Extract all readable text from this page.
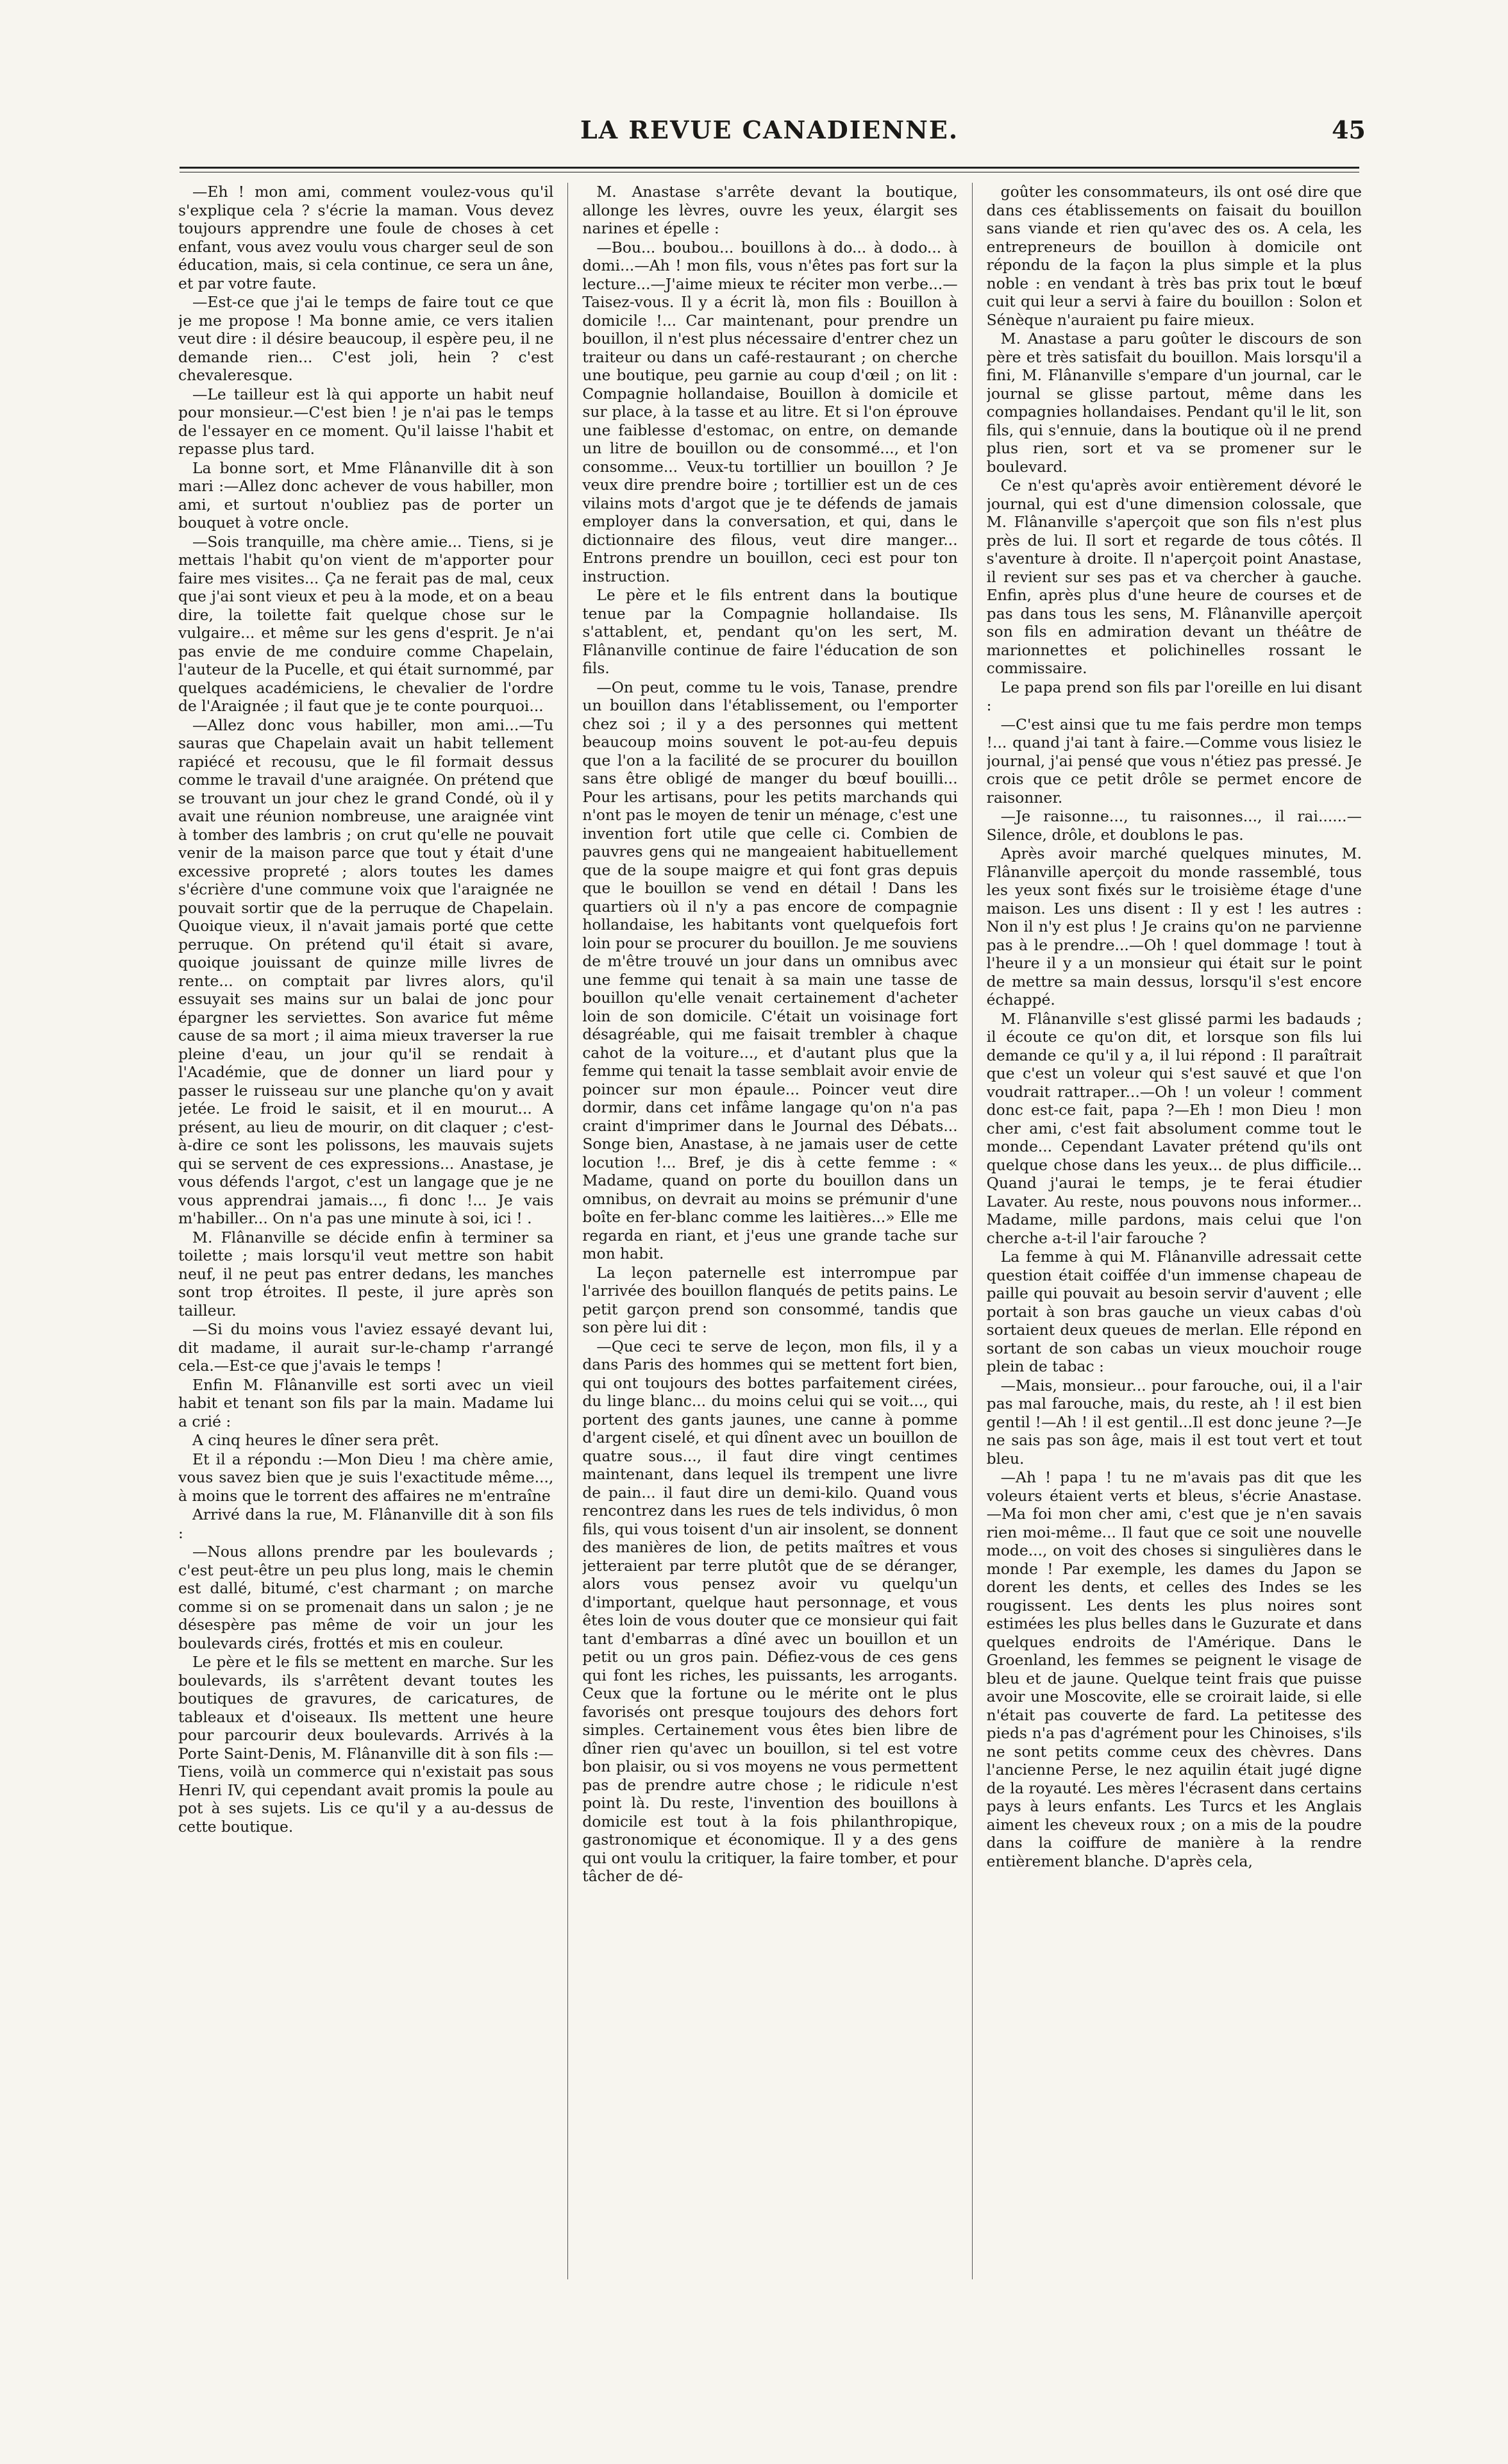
LA REVUE CANADIENNE.	45

—Eh ! mon ami, comment voulez-vous qu'il s'explique cela ? s'écrie la maman. Vous devez toujours apprendre une foule de choses à cet enfant, vous avez voulu vous charger seul de son éducation, mais, si cela continue, ce sera un âne, et par votre faute.

—Est-ce que j'ai le temps de faire tout ce que je me propose ! Ma bonne amie, ce vers italien veut dire : il désire beaucoup, il espère peu, il ne demande rien... C'est joli, hein ? c'est chevaleresque.

—Le tailleur est là qui apporte un habit neuf pour monsieur.—C'est bien ! je n'ai pas le temps de l'essayer en ce moment. Qu'il laisse l'habit et repasse plus tard.

La bonne sort, et Mme Flânanville dit à son mari :—Allez donc achever de vous habiller, mon ami, et surtout n'oubliez pas de porter un bouquet à votre oncle.

—Sois tranquille, ma chère amie... Tiens, si je mettais l'habit qu'on vient de m'apporter pour faire mes visites... Ça ne ferait pas de mal, ceux que j'ai sont vieux et peu à la mode, et on a beau dire, la toilette fait quelque chose sur le vulgaire... et même sur les gens d'esprit. Je n'ai pas envie de me conduire comme Chapelain, l'auteur de la Pucelle, et qui était surnommé, par quelques académiciens, le chevalier de l'ordre de l'Araignée ; il faut que je te conte pourquoi...

—Allez donc vous habiller, mon ami...—Tu sauras que Chapelain avait un habit tellement rapiécé et recousu, que le fil formait dessus comme le travail d'une araignée. On prétend que se trouvant un jour chez le grand Condé, où il y avait une réunion nombreuse, une araignée vint à tomber des lambris ; on crut qu'elle ne pouvait venir de la maison parce que tout y était d'une excessive propreté ; alors toutes les dames s'écrière d'une commune voix que l'araignée ne pouvait sortir que de la perruque de Chapelain. Quoique vieux, il n'avait jamais porté que cette perruque. On prétend qu'il était si avare, quoique jouissant de quinze mille livres de rente... on comptait par livres alors, qu'il essuyait ses mains sur un balai de jonc pour épargner les serviettes. Son avarice fut même cause de sa mort ; il aima mieux traverser la rue pleine d'eau, un jour qu'il se rendait à l'Académie, que de donner un liard pour y passer le ruisseau sur une planche qu'on y avait jetée. Le froid le saisit, et il en mourut... A présent, au lieu de mourir, on dit claquer ; c'est-à-dire ce sont les polissons, les mauvais sujets qui se servent de ces expressions... Anastase, je vous défends l'argot, c'est un langage que je ne vous apprendrai jamais..., fi donc !... Je vais m'habiller... On n'a pas une minute à soi, ici ! .

M. Flânanville se décide enfin à terminer sa toilette ; mais lorsqu'il veut mettre son habit neuf, il ne peut pas entrer dedans, les manches sont trop étroites. Il peste, il jure après son tailleur.

—Si du moins vous l'aviez essayé devant lui, dit madame, il aurait sur-le-champ r'arrangé cela.—Est-ce que j'avais le temps !

Enfin M. Flânanville est sorti avec un vieil habit et tenant son fils par la main. Madame lui a crié :

A cinq heures le dîner sera prêt.

Et il a répondu :—Mon Dieu ! ma chère amie, vous savez bien que je suis l'exactitude même..., à moins que le torrent des affaires ne m'entraîne

Arrivé dans la rue, M. Flânanville dit à son fils :

—Nous allons prendre par les boulevards ; c'est peut-être un peu plus long, mais le chemin est dallé, bitumé, c'est charmant ; on marche comme si on se promenait dans un salon ; je ne désespère pas même de voir un jour les boulevards cirés, frottés et mis en couleur.

Le père et le fils se mettent en marche. Sur les boulevards, ils s'arrêtent devant toutes les boutiques de gravures, de caricatures, de tableaux et d'oiseaux. Ils mettent une heure pour parcourir deux boulevards. Arrivés à la Porte Saint-Denis, M. Flânanville dit à son fils :—Tiens, voilà un commerce qui n'existait pas sous Henri IV, qui cependant avait promis la poule au pot à ses sujets. Lis ce qu'il y a au-dessus de cette boutique.

M. Anastase s'arrête devant la boutique, allonge les lèvres, ouvre les yeux, élargit ses narines et épelle :

—Bou... boubou... bouillons à do... à dodo... à domi...—Ah ! mon fils, vous n'êtes pas fort sur la lecture...—J'aime mieux te réciter mon verbe...—Taisez-vous. Il y a écrit là, mon fils : Bouillon à domicile !... Car maintenant, pour prendre un bouillon, il n'est plus nécessaire d'entrer chez un traiteur ou dans un café-restaurant ; on cherche une boutique, peu garnie au coup d'œil ; on lit : Compagnie hollandaise, Bouillon à domicile et sur place, à la tasse et au litre. Et si l'on éprouve une faiblesse d'estomac, on entre, on demande un litre de bouillon ou de consommé..., et l'on consomme... Veux-tu tortillier un bouillon ? Je veux dire prendre boire ; tortillier est un de ces vilains mots d'argot que je te défends de jamais employer dans la conversation, et qui, dans le dictionnaire des filous, veut dire manger... Entrons prendre un bouillon, ceci est pour ton instruction.

Le père et le fils entrent dans la boutique tenue par la Compagnie hollandaise. Ils s'attablent, et, pendant qu'on les sert, M. Flânanville continue de faire l'éducation de son fils.

—On peut, comme tu le vois, Tanase, prendre un bouillon dans l'établissement, ou l'emporter chez soi ; il y a des personnes qui mettent beaucoup moins souvent le pot-au-feu depuis que l'on a la facilité de se procurer du bouillon sans être obligé de manger du bœuf bouilli... Pour les artisans, pour les petits marchands qui n'ont pas le moyen de tenir un ménage, c'est une invention fort utile que celle ci. Combien de pauvres gens qui ne mangeaient habituellement que de la soupe maigre et qui font gras depuis que le bouillon se vend en détail ! Dans les quartiers où il n'y a pas encore de compagnie hollandaise, les habitants vont quelquefois fort loin pour se procurer du bouillon. Je me souviens de m'être trouvé un jour dans un omnibus avec une femme qui tenait à sa main une tasse de bouillon qu'elle venait certainement d'acheter loin de son domicile. C'était un voisinage fort désagréable, qui me faisait trembler à chaque cahot de la voiture..., et d'autant plus que la femme qui tenait la tasse semblait avoir envie de poincer sur mon épaule... Poincer veut dire dormir, dans cet infâme langage qu'on n'a pas craint d'imprimer dans le Journal des Débats... Songe bien, Anastase, à ne jamais user de cette locution !... Bref, je dis à cette femme : « Madame, quand on porte du bouillon dans un omnibus, on devrait au moins se prémunir d'une boîte en fer-blanc comme les laitières...» Elle me regarda en riant, et j'eus une grande tache sur mon habit.

La leçon paternelle est interrompue par l'arrivée des bouillon flanqués de petits pains. Le petit garçon prend son consommé, tandis que son père lui dit :

—Que ceci te serve de leçon, mon fils, il y a dans Paris des hommes qui se mettent fort bien, qui ont toujours des bottes parfaitement cirées, du linge blanc... du moins celui qui se voit..., qui portent des gants jaunes, une canne à pomme d'argent ciselé, et qui dînent avec un bouillon de quatre sous..., il faut dire vingt centimes maintenant, dans lequel ils trempent une livre de pain... il faut dire un demi-kilo. Quand vous rencontrez dans les rues de tels individus, ô mon fils, qui vous toisent d'un air insolent, se donnent des manières de lion, de petits maîtres et vous jetteraient par terre plutôt que de se déranger, alors vous pensez avoir vu quelqu'un d'important, quelque haut personnage, et vous êtes loin de vous douter que ce monsieur qui fait tant d'embarras a dîné avec un bouillon et un petit ou un gros pain. Défiez-vous de ces gens qui font les riches, les puissants, les arrogants. Ceux que la fortune ou le mérite ont le plus favorisés ont presque toujours des dehors fort simples. Certainement vous êtes bien libre de dîner rien qu'avec un bouillon, si tel est votre bon plaisir, ou si vos moyens ne vous permettent pas de prendre autre chose ; le ridicule n'est point là. Du reste, l'invention des bouillons à domicile est tout à la fois philanthropique, gastronomique et économique. Il y a des gens qui ont voulu la critiquer, la faire tomber, et pour tâcher de dé-

goûter les consommateurs, ils ont osé dire que dans ces établissements on faisait du bouillon sans viande et rien qu'avec des os. A cela, les entrepreneurs de bouillon à domicile ont répondu de la façon la plus simple et la plus noble : en vendant à très bas prix tout le bœuf cuit qui leur a servi à faire du bouillon : Solon et Sénèque n'auraient pu faire mieux.

M. Anastase a paru goûter le discours de son père et très satisfait du bouillon. Mais lorsqu'il a fini, M. Flânanville s'empare d'un journal, car le journal se glisse partout, même dans les compagnies hollandaises. Pendant qu'il le lit, son fils, qui s'ennuie, dans la boutique où il ne prend plus rien, sort et va se promener sur le boulevard.

Ce n'est qu'après avoir entièrement dévoré le journal, qui est d'une dimension colossale, que M. Flânanville s'aperçoit que son fils n'est plus près de lui. Il sort et regarde de tous côtés. Il s'aventure à droite. Il n'aperçoit point Anastase, il revient sur ses pas et va chercher à gauche. Enfin, après plus d'une heure de courses et de pas dans tous les sens, M. Flânanville aperçoit son fils en admiration devant un théâtre de marionnettes et polichinelles rossant le commissaire.

Le papa prend son fils par l'oreille en lui disant :

—C'est ainsi que tu me fais perdre mon temps !... quand j'ai tant à faire.—Comme vous lisiez le journal, j'ai pensé que vous n'étiez pas pressé. Je crois que ce petit drôle se permet encore de raisonner.

—Je raisonne..., tu raisonnes..., il rai......—Silence, drôle, et doublons le pas.

Après avoir marché quelques minutes, M. Flânanville aperçoit du monde rassemblé, tous les yeux sont fixés sur le troisième étage d'une maison. Les uns disent : Il y est ! les autres : Non il n'y est plus ! Je crains qu'on ne parvienne pas à le prendre...—Oh ! quel dommage ! tout à l'heure il y a un monsieur qui était sur le point de mettre sa main dessus, lorsqu'il s'est encore échappé.

M. Flânanville s'est glissé parmi les badauds ; il écoute ce qu'on dit, et lorsque son fils lui demande ce qu'il y a, il lui répond : Il paraîtrait que c'est un voleur qui s'est sauvé et que l'on voudrait rattraper...—Oh ! un voleur ! comment donc est-ce fait, papa ?—Eh ! mon Dieu ! mon cher ami, c'est fait absolument comme tout le monde... Cependant Lavater prétend qu'ils ont quelque chose dans les yeux... de plus difficile... Quand j'aurai le temps, je te ferai étudier Lavater. Au reste, nous pouvons nous informer... Madame, mille pardons, mais celui que l'on cherche a-t-il l'air farouche ?

La femme à qui M. Flânanville adressait cette question était coiffée d'un immense chapeau de paille qui pouvait au besoin servir d'auvent ; elle portait à son bras gauche un vieux cabas d'où sortaient deux queues de merlan. Elle répond en sortant de son cabas un vieux mouchoir rouge plein de tabac :

—Mais, monsieur... pour farouche, oui, il a l'air pas mal farouche, mais, du reste, ah ! il est bien gentil !—Ah ! il est gentil...Il est donc jeune ?—Je ne sais pas son âge, mais il est tout vert et tout bleu.

—Ah ! papa ! tu ne m'avais pas dit que les voleurs étaient verts et bleus, s'écrie Anastase. —Ma foi mon cher ami, c'est que je n'en savais rien moi-même... Il faut que ce soit une nouvelle mode..., on voit des choses si singulières dans le monde ! Par exemple, les dames du Japon se dorent les dents, et celles des Indes se les rougissent. Les dents les plus noires sont estimées les plus belles dans le Guzurate et dans quelques endroits de l'Amérique. Dans le Groenland, les femmes se peignent le visage de bleu et de jaune. Quelque teint frais que puisse avoir une Moscovite, elle se croirait laide, si elle n'était pas couverte de fard. La petitesse des pieds n'a pas d'agrément pour les Chinoises, s'ils ne sont petits comme ceux des chèvres. Dans l'ancienne Perse, le nez aquilin était jugé digne de la royauté. Les mères l'écrasent dans certains pays à leurs enfants. Les Turcs et les Anglais aiment les cheveux roux ; on a mis de la poudre dans la coiffure de manière à la rendre entièrement blanche. D'après cela,
